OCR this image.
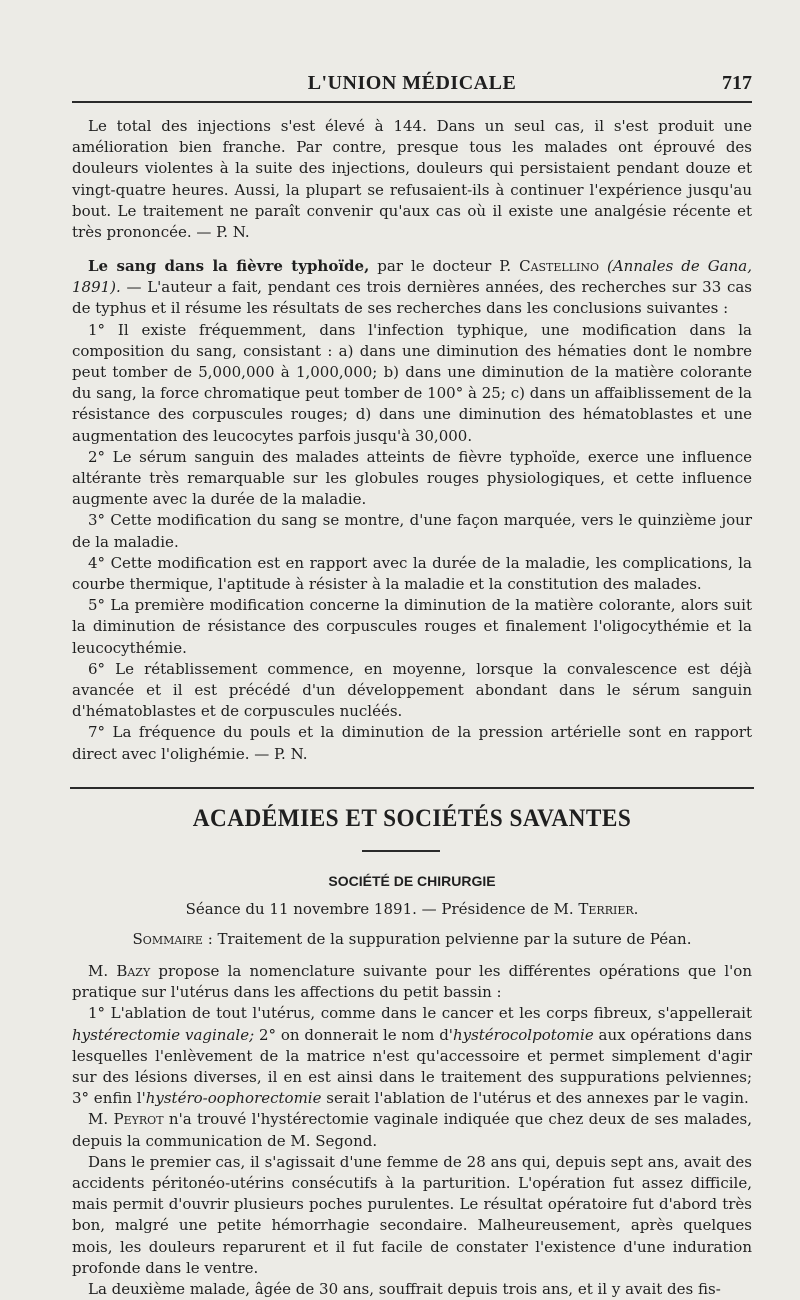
L'UNION MÉDICALE	717

Le total des injections s'est élevé à 144. Dans un seul cas, il s'est produit une amélioration bien franche. Par contre, presque tous les malades ont éprouvé des douleurs violentes à la suite des injections, douleurs qui persistaient pendant douze et vingt-quatre heures. Aussi, la plupart se refusaient-ils à continuer l'expérience jusqu'au bout. Le traitement ne paraît convenir qu'aux cas où il existe une analgésie récente et très prononcée. — P. N.

Le sang dans la fièvre typhoïde, par le docteur P. Castellino (Annales de Gana, 1891). — L'auteur a fait, pendant ces trois dernières années, des recherches sur 33 cas de typhus et il résume les résultats de ses recherches dans les conclusions suivantes :

1° Il existe fréquemment, dans l'infection typhique, une modification dans la composition du sang, consistant : a) dans une diminution des hématies dont le nombre peut tomber de 5,000,000 à 1,000,000; b) dans une diminution de la matière colorante du sang, la force chromatique peut tomber de 100° à 25; c) dans un affaiblissement de la résistance des corpuscules rouges; d) dans une diminution des hématoblastes et une augmentation des leucocytes parfois jusqu'à 30,000.

2° Le sérum sanguin des malades atteints de fièvre typhoïde, exerce une influence altérante très remarquable sur les globules rouges physiologiques, et cette influence augmente avec la durée de la maladie.

3° Cette modification du sang se montre, d'une façon marquée, vers le quinzième jour de la maladie.

4° Cette modification est en rapport avec la durée de la maladie, les complications, la courbe thermique, l'aptitude à résister à la maladie et la constitution des malades.

5° La première modification concerne la diminution de la matière colorante, alors suit la diminution de résistance des corpuscules rouges et finalement l'oligocythémie et la leucocythémie.

6° Le rétablissement commence, en moyenne, lorsque la convalescence est déjà avancée et il est précédé d'un développement abondant dans le sérum sanguin d'hématoblastes et de corpuscules nucléés.

7° La fréquence du pouls et la diminution de la pression artérielle sont en rapport direct avec l'olighémie. — P. N.

ACADÉMIES ET SOCIÉTÉS SAVANTES
SOCIÉTÉ DE CHIRURGIE
Séance du 11 novembre 1891. — Présidence de M. Terrier.
Sommaire : Traitement de la suppuration pelvienne par la suture de Péan.

M. Bazy propose la nomenclature suivante pour les différentes opérations que l'on pratique sur l'utérus dans les affections du petit bassin :

1° L'ablation de tout l'utérus, comme dans le cancer et les corps fibreux, s'appellerait hystérectomie vaginale; 2° on donnerait le nom d'hystérocolpotomie aux opérations dans lesquelles l'enlèvement de la matrice n'est qu'accessoire et permet simplement d'agir sur des lésions diverses, il en est ainsi dans le traitement des suppurations pelviennes; 3° enfin l'hystéro-oophorectomie serait l'ablation de l'utérus et des annexes par le vagin.

M. Peyrot n'a trouvé l'hystérectomie vaginale indiquée que chez deux de ses malades, depuis la communication de M. Segond.

Dans le premier cas, il s'agissait d'une femme de 28 ans qui, depuis sept ans, avait des accidents péritonéo-utérins consécutifs à la parturition. L'opération fut assez difficile, mais permit d'ouvrir plusieurs poches purulentes. Le résultat opératoire fut d'abord très bon, malgré une petite hémorrhagie secondaire. Malheureusement, après quelques mois, les douleurs reparurent et il fut facile de constater l'existence d'une induration profonde dans le ventre.

La deuxième malade, âgée de 30 ans, souffrait depuis trois ans, et il y avait des fis-
